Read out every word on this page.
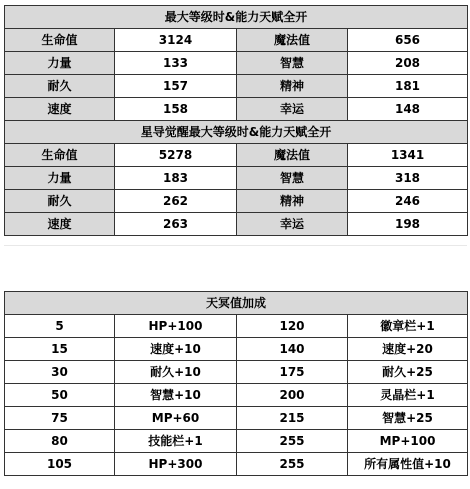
最大等级时&能力天赋全开			
生命值	3124	魔法值	656
力量	133	智慧	208
耐久	157	精神	181
速度	158	幸运	148
星导觉醒最大等级时&能力天赋全开			
生命值	5278	魔法值	1341
力量	183	智慧	318
耐久	262	精神	246
速度	263	幸运	198
天冥值加成			
5	HP+100	120	徽章栏+1
15	速度+10	140	速度+20
30	耐久+10	175	耐久+25
50	智慧+10	200	灵晶栏+1
75	MP+60	215	智慧+25
80	技能栏+1	255	MP+100
105	HP+300	255	所有属性值+10
